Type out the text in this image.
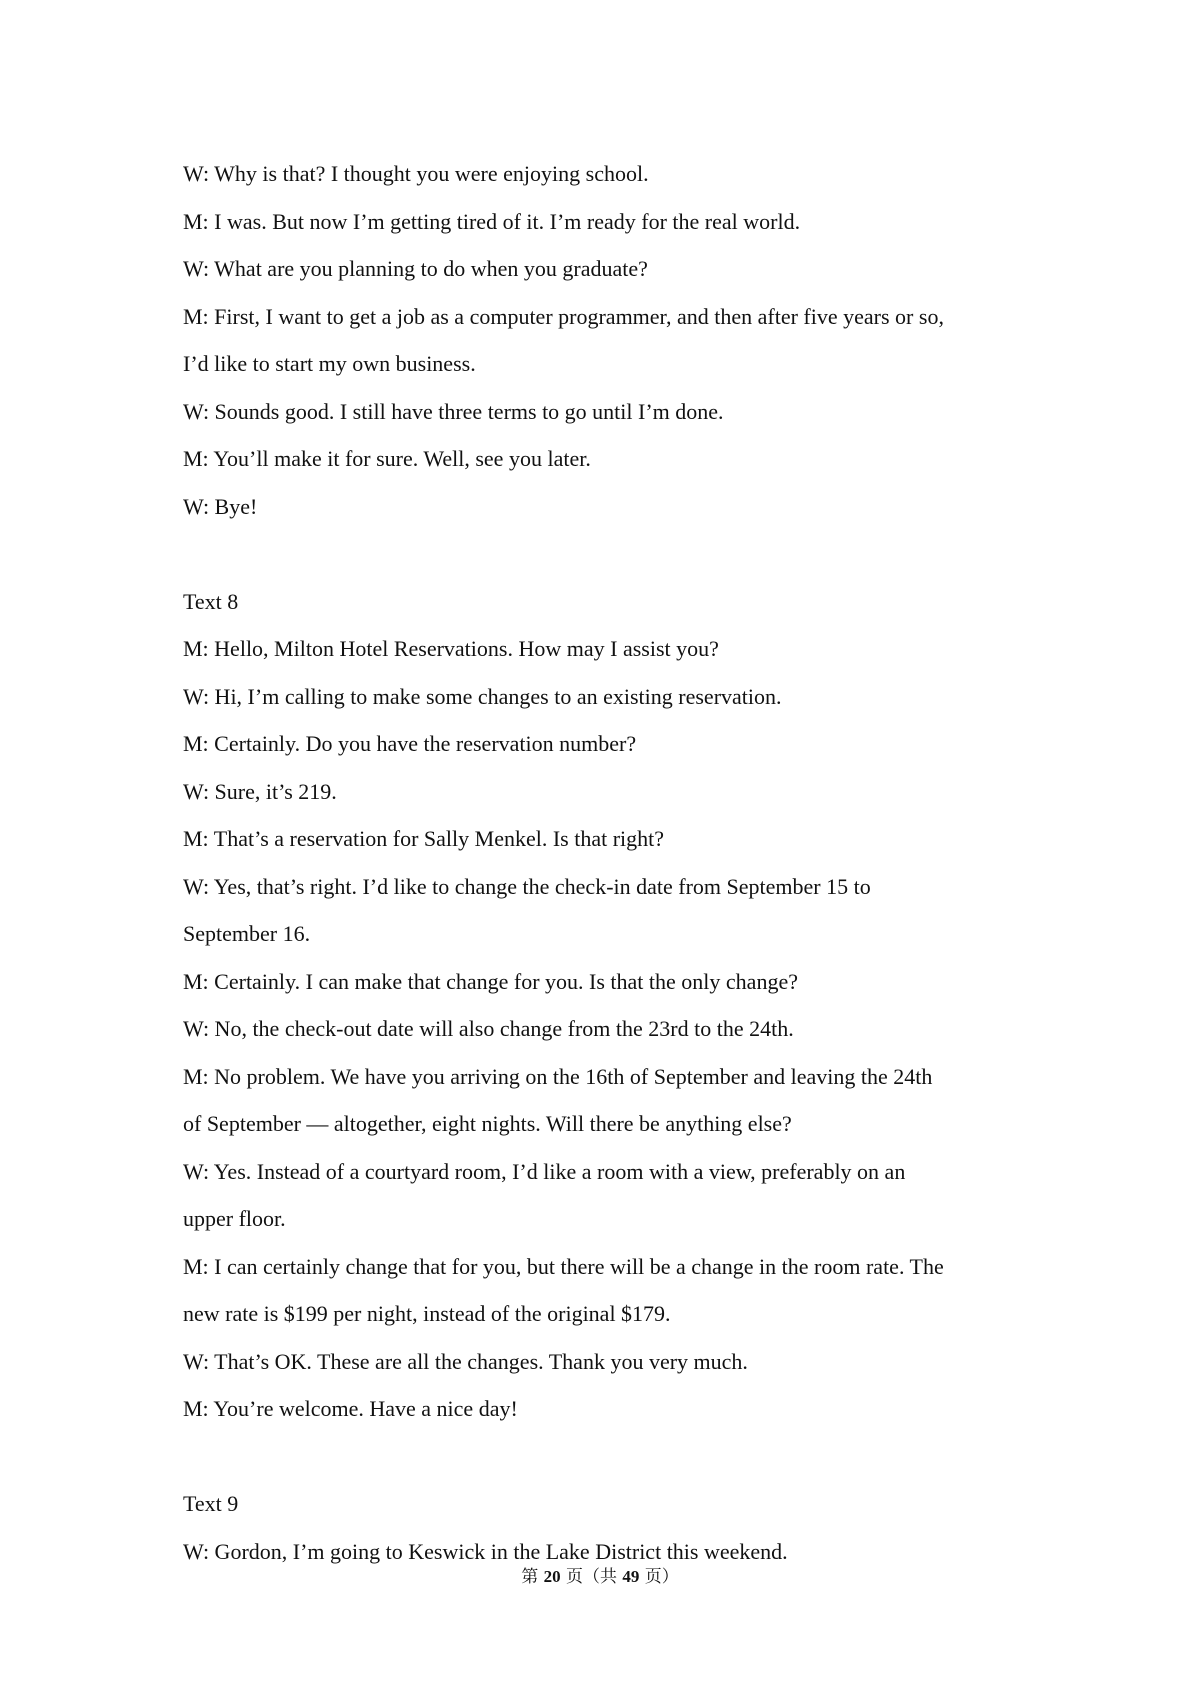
W: Why is that? I thought you were enjoying school.
M: I was. But now I’m getting tired of it. I’m ready for the real world.
W: What are you planning to do when you graduate?
M: First, I want to get a job as a computer programmer, and then after five years or so,
I’d like to start my own business.
W: Sounds good. I still have three terms to go until I’m done.
M: You’ll make it for sure. Well, see you later.
W: Bye!
Text 8
M: Hello, Milton Hotel Reservations. How may I assist you?
W: Hi, I’m calling to make some changes to an existing reservation.
M: Certainly. Do you have the reservation number?
W: Sure, it’s 219.
M: That’s a reservation for Sally Menkel. Is that right?
W: Yes, that’s right. I’d like to change the check-in date from September 15 to
September 16.
M: Certainly. I can make that change for you. Is that the only change?
W: No, the check-out date will also change from the 23rd to the 24th.
M: No problem. We have you arriving on the 16th of September and leaving the 24th
of September — altogether, eight nights. Will there be anything else?
W: Yes. Instead of a courtyard room, I’d like a room with a view, preferably on an
upper floor.
M: I can certainly change that for you, but there will be a change in the room rate. The
new rate is $199 per night, instead of the original $179.
W: That’s OK. These are all the changes. Thank you very much.
M: You’re welcome. Have a nice day!
Text 9
W: Gordon, I’m going to Keswick in the Lake District this weekend.
第 20 页（共 49 页）
